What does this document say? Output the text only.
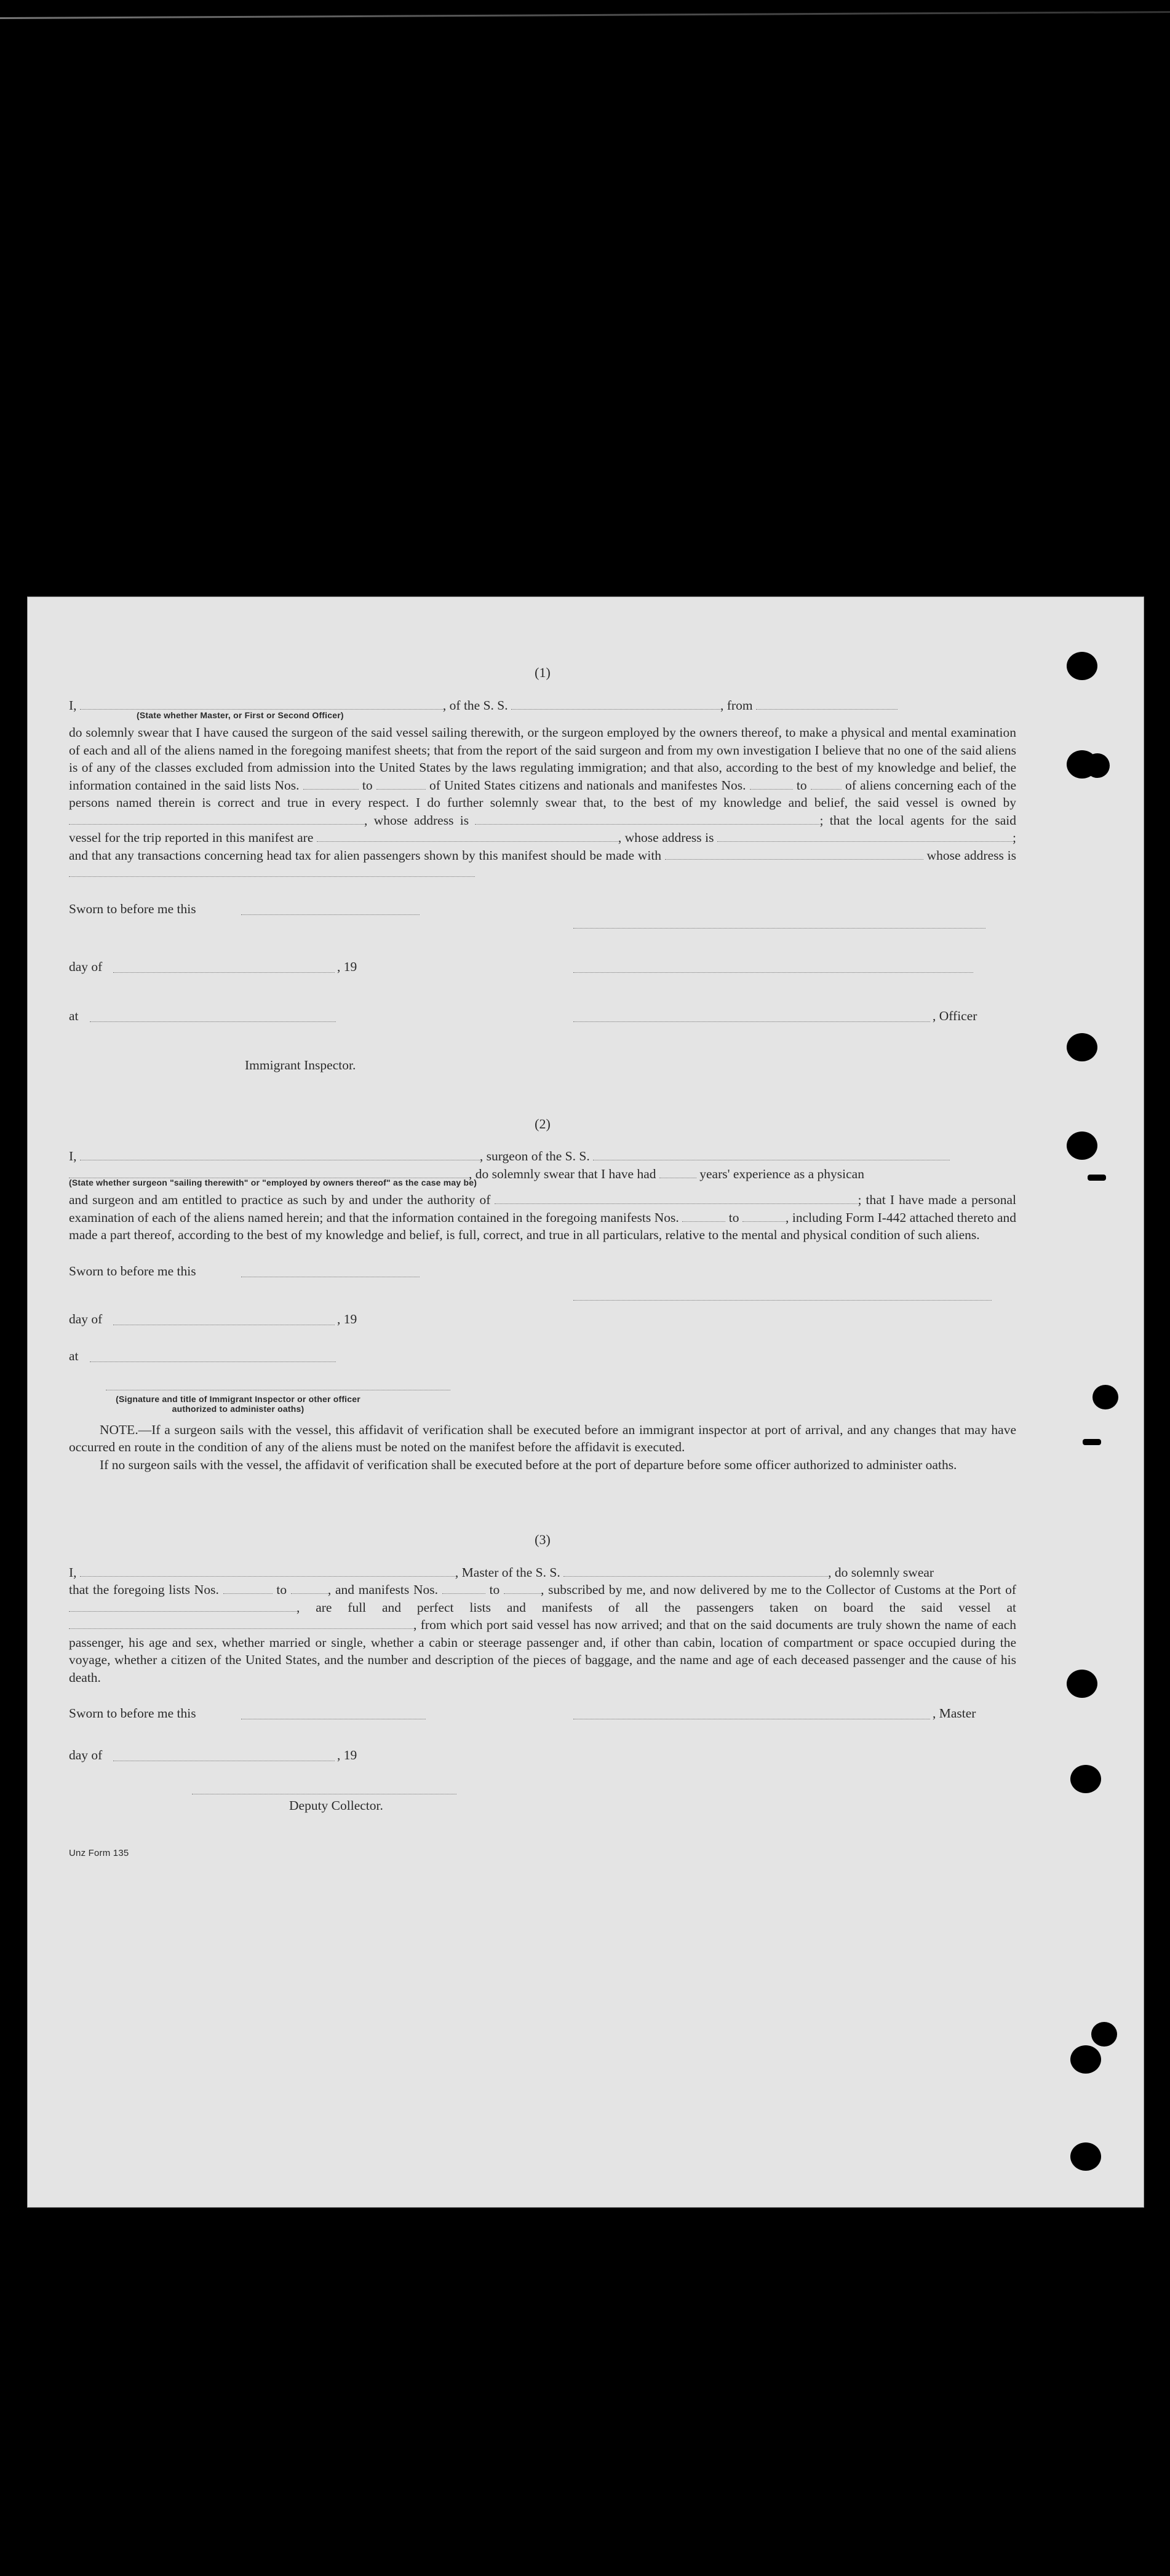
(1)
I,	, of the S. S.	, from
(State whether Master, or First or Second Officer)

do solemnly swear that I have caused the surgeon of the said vessel sailing therewith, or the surgeon employed by the owners thereof, to make a physical and mental examination of each and all of the aliens named in the foregoing manifest sheets; that from the report of the said surgeon and from my own investigation I believe that no one of the said aliens is of any of the classes excluded from admission into the United States by the laws regulating immigration; and that also, according to the best of my knowledge and belief, the information contained in the said lists Nos.	to	of United States citizens and nationals and manifestes Nos.	to	of aliens concerning each of the persons named therein is correct and true in every respect. I do further solemnly swear that, to the best of my knowledge and belief, the said vessel is owned by , whose address is	; that the local agents for the said vessel for the trip reported in this manifest are	, whose address is	; and that any transactions concerning head tax for alien passengers shown by this manifest should be made with	whose address is

Sworn to before me this
day of	, 19
at	, Officer
Immigrant Inspector.
(2)
I,	, surgeon of the S. S.
, do solemnly swear that I have had	years' experience as a physican
(State whether surgeon "sailing therewith" or "employed by owners thereof" as the case may be)

and surgeon and am entitled to practice as such by and under the authority of	; that I have made a personal examination of each of the aliens named herein; and that the information contained in the foregoing manifests Nos.	to	, including Form I-442 attached thereto and made a part thereof, according to the best of my knowledge and belief, is full, correct, and true in all particulars, relative to the mental and physical condition of such aliens.

Sworn to before me this
day of	, 19
at
(Signature and title of Immigrant Inspector or other officer authorized to administer oaths)

NOTE.—If a surgeon sails with the vessel, this affidavit of verification shall be executed before an immigrant inspector at port of arrival, and any changes that may have occurred en route in the condition of any of the aliens must be noted on the manifest before the affidavit is executed.

If no surgeon sails with the vessel, the affidavit of verification shall be executed before at the port of departure before some officer authorized to administer oaths.

(3)
I,	, Master of the S. S.	, do solemnly swear

that the foregoing lists Nos.	to	, and manifests Nos.	to	, subscribed by me, and now delivered by me to the Collector of Customs at the Port of , are full and perfect lists and manifests of all the passengers taken on board the said vessel at , from which port said vessel has now arrived; and that on the said documents are truly shown the name of each passenger, his age and sex, whether married or single, whether a cabin or steerage passenger and, if other than cabin, location of compartment or space occupied during the voyage, whether a citizen of the United States, and the number and description of the pieces of baggage, and the name and age of each deceased passenger and the cause of his death.

Sworn to before me this	, Master
day of	, 19
Deputy Collector.
Unz Form 135
